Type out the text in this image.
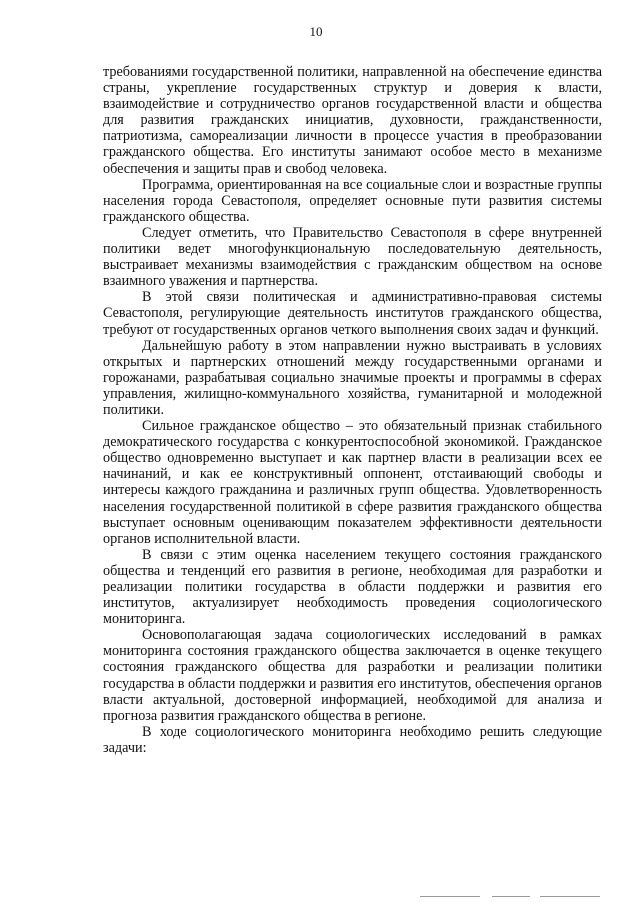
10

требованиями государственной политики, направленной на обеспечение единства страны, укрепление государственных структур и доверия к власти, взаимодействие и сотрудничество органов государственной власти и общества для развития гражданских инициатив, духовности, гражданственности, патриотизма, самореализации личности в процессе участия в преобразовании гражданского общества. Его институты занимают особое место в механизме обеспечения и защиты прав и свобод человека.

Программа, ориентированная на все социальные слои и возрастные группы населения города Севастополя, определяет основные пути развития системы гражданского общества.

Следует отметить, что Правительство Севастополя в сфере внутренней политики ведет многофункциональную последовательную деятельность, выстраивает механизмы взаимодействия с гражданским обществом на основе взаимного уважения и партнерства.

В этой связи политическая и административно-правовая системы Севастополя, регулирующие деятельность институтов гражданского общества, требуют от государственных органов четкого выполнения своих задач и функций.

Дальнейшую работу в этом направлении нужно выстраивать в условиях открытых и партнерских отношений между государственными органами и горожанами, разрабатывая социально значимые проекты и программы в сферах управления, жилищно-коммунального хозяйства, гуманитарной и молодежной политики.

Сильное гражданское общество – это обязательный признак стабильного демократического государства с конкурентоспособной экономикой. Гражданское общество одновременно выступает и как партнер власти в реализации всех ее начинаний, и как ее конструктивный оппонент, отстаивающий свободы и интересы каждого гражданина и различных групп общества. Удовлетворенность населения государственной политикой в сфере развития гражданского общества выступает основным оценивающим показателем эффективности деятельности органов исполнительной власти.

В связи с этим оценка населением текущего состояния гражданского общества и тенденций его развития в регионе, необходимая для разработки и реализации политики государства в области поддержки и развития его институтов, актуализирует необходимость проведения социологического мониторинга.

Основополагающая задача социологических исследований в рамках мониторинга состояния гражданского общества заключается в оценке текущего состояния гражданского общества для разработки и реализации политики государства в области поддержки и развития его институтов, обеспечения органов власти актуальной, достоверной информацией, необходимой для анализа и прогноза развития гражданского общества в регионе.

В ходе социологического мониторинга необходимо решить следующие задачи:
